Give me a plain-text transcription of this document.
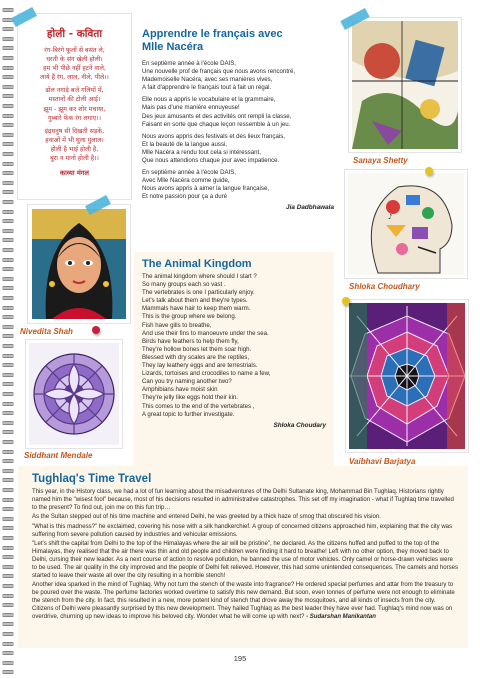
होली - कविता
रंग-बिरंगे फूलों से बसंत ले,
धरती के संग खेली होली।
हम भी पीछे नहीं हटने वाले,
लाये हैं रंग, लाल, नीले, पीले।।
ढोल नगाड़े बजे गलियों में,
मस्तानों की टोली आई।
झूम - झूम कर शोर मचाया,
गुब्बारे फेंक रंग लगाए।।
इंद्रधनुष सी दिखती सड़कें,
हवाओं में भी घुला गुलाल।
होली है भाई होली है,
बुरा न मानो होली है।।
काव्या मंगल
Nivedita Shah
Siddhant Mendale
Apprendre le français avec
Mlle Nacéra
En septième année à l'école DAIS,
Une nouvelle prof de français que nous avons rencontré,
Mademoiselle Nacéra, avec ses manières vives,
A fait d'apprendre le français tout à fait un régal.
Elle nous a appris le vocabulaire et la grammaire,
Mais pas d'une manière ennuyeuse!
Des jeux amusants et des activités ont rempli la classe,
Faisant en sorte que chaque leçon ressemble à un jeu.
Nous avons appris des festivals et des lieux français,
Et la beauté de la langue aussi,
Mlle Nacéra a rendu tout cela si intéressant,
Que nous attendions chaque jour avec impatience.
En septième année à l'école DAIS,
Avec Mlle Nacéra comme guide,
Nous avons appris à aimer la langue française,
Et notre passion pour ça a duré
Jia Dadbhawala
Sanaya Shetty
♪
Shloka Choudhary
Vaibhavi Barjatya
The Animal Kingdom
The animal kingdom where should I start ?
So many groups each so vast .
The vertebrates is one I particularly enjoy.
Let's talk about them and they're types.
Mammals have hair to keep them warm.
This is the group where we belong.
Fish have gills to breathe,
And use their fins to manoeuvre under the sea.
Birds have feathers to help them fly,
They're hollow bones let them soar high.
Blessed with dry scales are the reptiles,
They lay leathery eggs and are terrestrials.
Lizards, tortoises and crocodiles to name a few,
Can you try naming another two?
Amphibians have moist skin
They're jelly like eggs hold their kin.
This comes to the end of the vertebrates ,
A great topic to further investigate.
Shloka Choudary
Tughlaq's Time Travel
This year, in the History class, we had a lot of fun learning about the misadventures of the Delhi Sultanate king, Mohammad Bin Tughlaq. Historians rightly named him the "wisest fool" because, most of his decisions resulted in administrative catastrophes. This set off my imagination - what if Tughlaq time travelled to the present? To find out, join me on this fun trip…
As the Sultan stepped out of his time machine and entered Delhi, he was greeted by a thick haze of smog that obscured his vision.
"What is this madness?" he exclaimed, covering his nose with a silk handkerchief. A group of concerned citizens approached him, explaining that the city was suffering from severe pollution caused by industries and vehicular emissions.
"Let's shift the capital from Delhi to the top of the Himalayas where the air will be pristine", he declared. As the citizens huffed and puffed to the top of the Himalayas, they realised that the air there was thin and old people and children were finding it hard to breathe! Left with no other option, they moved back to Delhi, cursing their new leader. As a next course of action to resolve pollution, he banned the use of motor vehicles. Only camel or horse-drawn vehicles were to be used. The air quality in the city improved and the people of Delhi felt relieved. However, this had some unintended consequences. The camels and horses started to leave their waste all over the city resulting in a horrible stench!
Another idea sparked in the mind of Tughlaq. Why not turn the stench of the waste into fragrance? He ordered special perfumes and attar from the treasury to be poured over the waste. The perfume factories worked overtime to satisfy this new demand. But soon, even tonnes of perfume were not enough to eliminate the stench from the city. In fact, this resulted in a new, more potent kind of stench that drove away the mosquitoes, and all kinds of insects from the city. Citizens of Delhi were pleasantly surprised by this new development. They hailed Tughlaq as the best leader they have ever had. Tughlaq's mind now was on overdrive, churning up new ideas to improve his beloved city. Wonder what he will come up with next? - Sudarshan Manikantan
195
